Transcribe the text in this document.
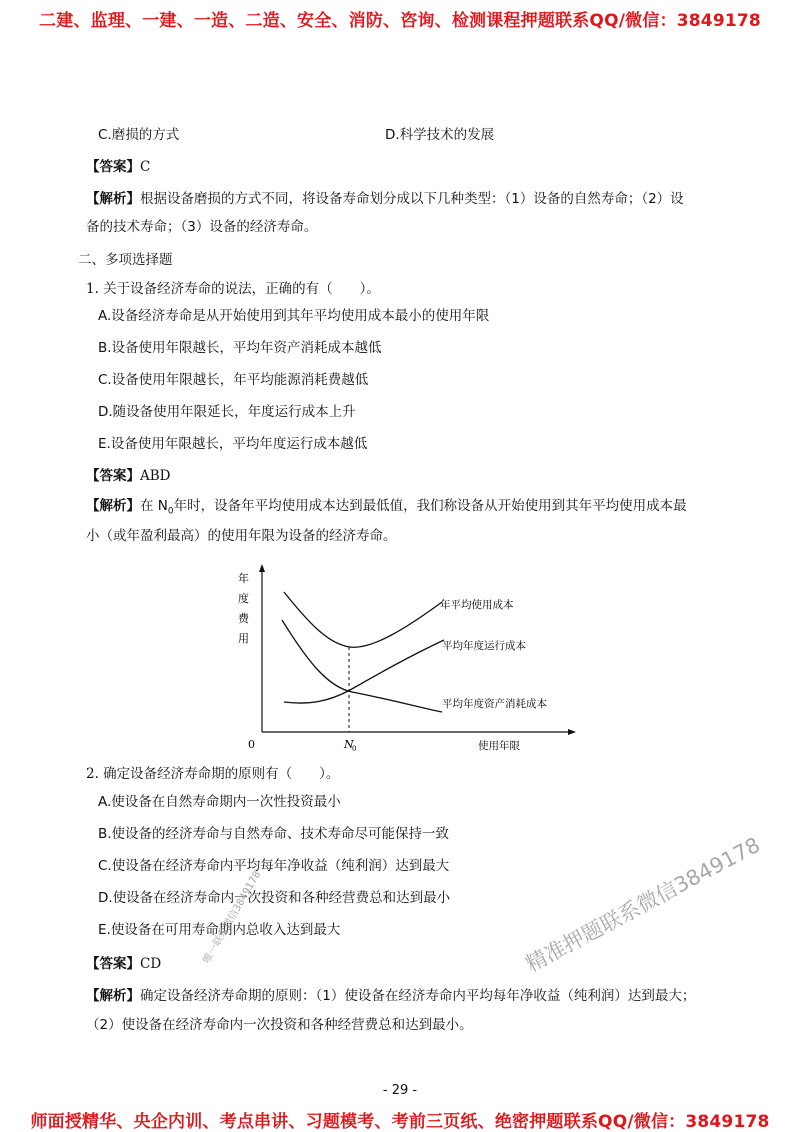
二建、监理、一建、一造、二造、安全、消防、咨询、检测课程押题联系QQ/微信：3849178
C.磨损的方式	D.科学技术的发展
【答案】C
【解析】根据设备磨损的方式不同，将设备寿命划分成以下几种类型：（1）设备的自然寿命；（2）设
备的技术寿命；（3）设备的经济寿命。
二、多项选择题
1. 关于设备经济寿命的说法，正确的有（　　）。
A.设备经济寿命是从开始使用到其年平均使用成本最小的使用年限
B.设备使用年限越长，平均年资产消耗成本越低
C.设备使用年限越长，年平均能源消耗费越低
D.随设备使用年限延长，年度运行成本上升
E.设备使用年限越长，平均年度运行成本越低
【答案】ABD
【解析】在 $N_0$年时，设备年平均使用成本达到最低值，我们称设备从开始使用到其年平均使用成本最
小（或年盈利最高）的使用年限为设备的经济寿命。
年
度
费
用
年平均使用成本
平均年度运行成本
平均年度资产消耗成本
0	N
0	使用年限
2. 确定设备经济寿命期的原则有（　　）。
A.使设备在自然寿命期内一次性投资最小
B.使设备的经济寿命与自然寿命、技术寿命尽可能保持一致
C.使设备在经济寿命内平均每年净收益（纯利润）达到最大
D.使设备在经济寿命内一次投资和各种经营费总和达到最小
E.使设备在可用寿命期内总收入达到最大
【答案】CD
【解析】确定设备经济寿命期的原则：（1）使设备在经济寿命内平均每年净收益（纯利润）达到最大；
（2）使设备在经济寿命内一次投资和各种经营费总和达到最小。
- 29 -
精准押题联系微信3849178
唯一联系微信3849178
师面授精华、央企内训、考点串讲、习题模考、考前三页纸、绝密押题联系QQ/微信：3849178
